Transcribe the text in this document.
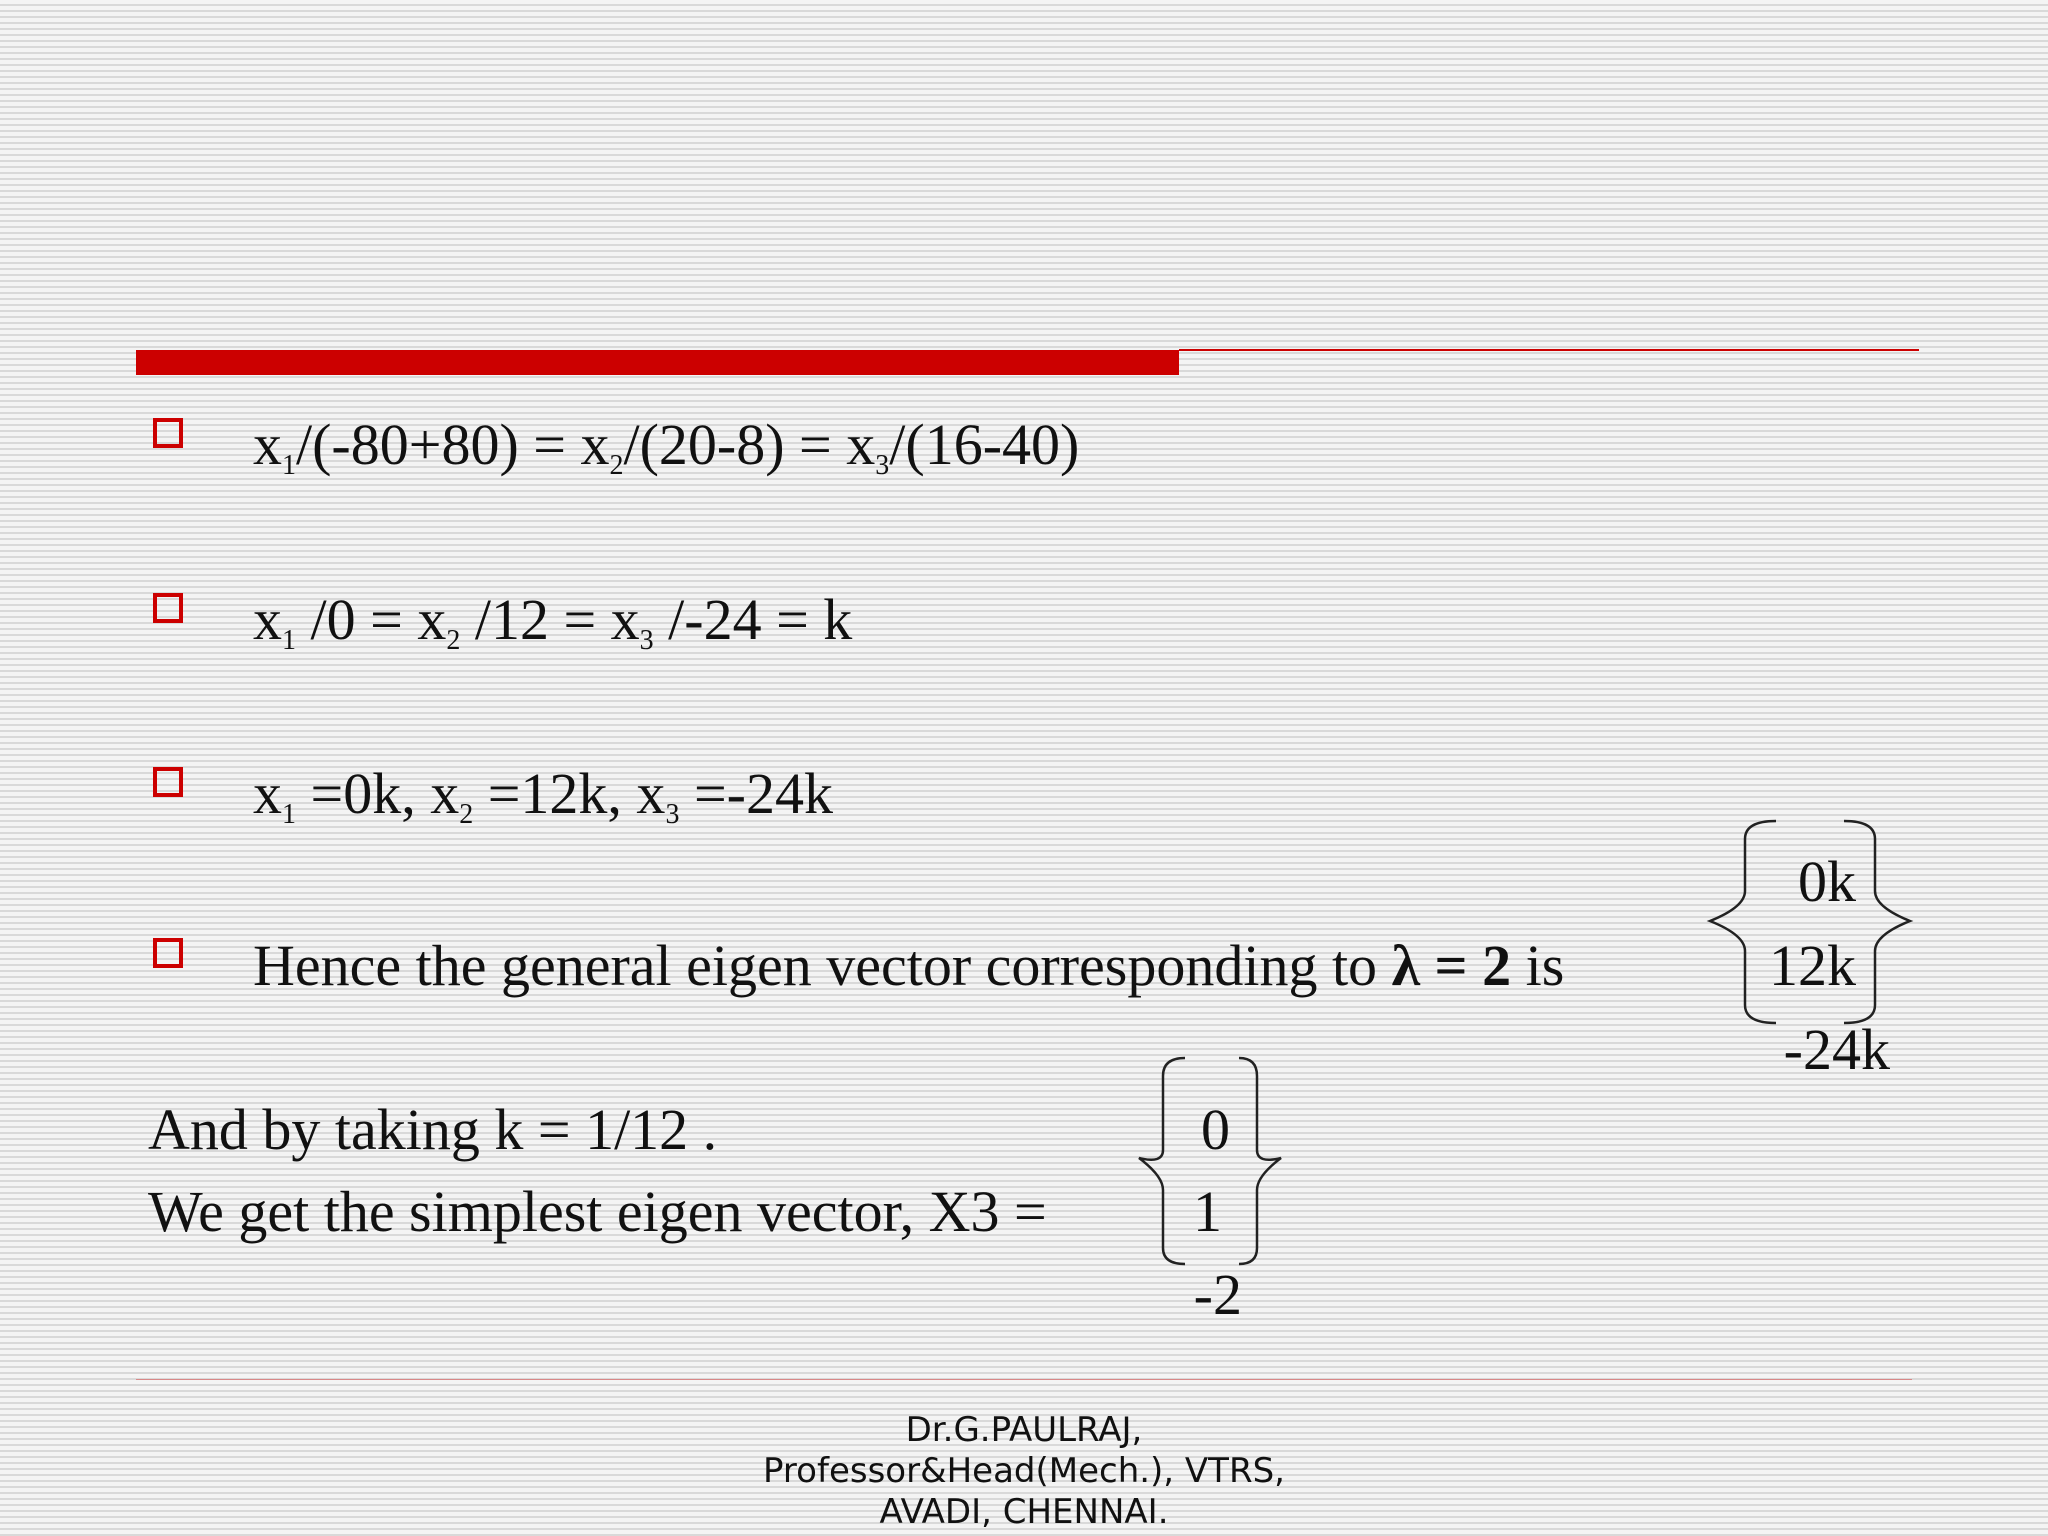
$x_1/(-80+80) = x_2/(20-8) = x_3/(16-40)$
$x_1$ $/0 = x_2$ $/12 = x_3$ /-24 = k
$x_1 =0k$, $x_2 =12k$, $x_3 =-24k$
Hence the general eigen vector corresponding to λ = 2 is
0k
12k
-24k
And by taking k = 1/12 .
We get the simplest eigen vector, X3 =
0
1
-2
Dr.G.PAULRAJ,
Professor&Head(Mech.), VTRS,
AVADI, CHENNAI.
